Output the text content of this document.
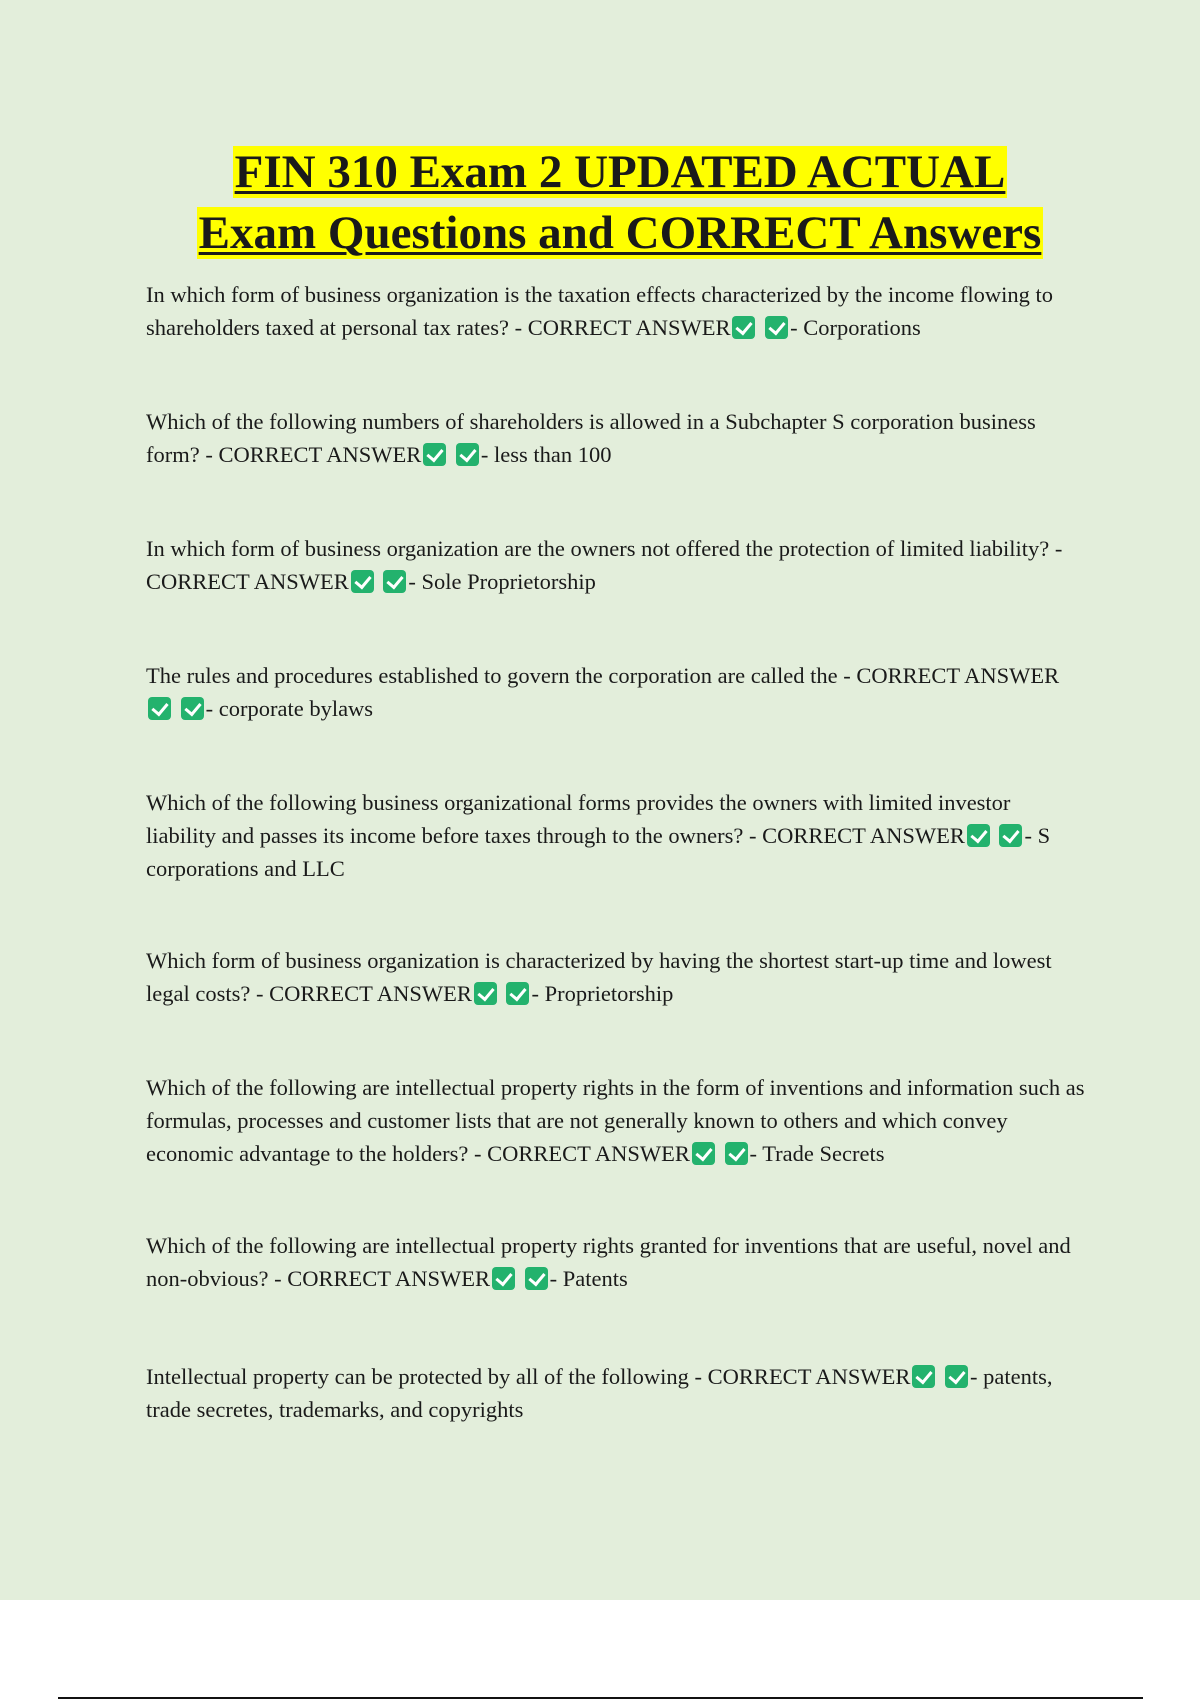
FIN 310 Exam 2 UPDATED ACTUAL
Exam Questions and CORRECT Answers
In which form of business organization is the taxation effects characterized by the income flowing to shareholders taxed at personal tax rates? - CORRECT ANSWER	- Corporations
Which of the following numbers of shareholders is allowed in a Subchapter S corporation business form? - CORRECT ANSWER	- less than 100
In which form of business organization are the owners not offered the protection of limited liability? - CORRECT ANSWER	- Sole Proprietorship
The rules and procedures established to govern the corporation are called the - CORRECT ANSWER - corporate bylaws
Which of the following business organizational forms provides the owners with limited investor liability and passes its income before taxes through to the owners? - CORRECT ANSWER	- S corporations and LLC
Which form of business organization is characterized by having the shortest start-up time and lowest legal costs? - CORRECT ANSWER	- Proprietorship
Which of the following are intellectual property rights in the form of inventions and information such as formulas, processes and customer lists that are not generally known to others and which convey economic advantage to the holders? - CORRECT ANSWER	- Trade Secrets
Which of the following are intellectual property rights granted for inventions that are useful, novel and non-obvious? - CORRECT ANSWER	- Patents
Intellectual property can be protected by all of the following - CORRECT ANSWER	- patents, trade secretes, trademarks, and copyrights
